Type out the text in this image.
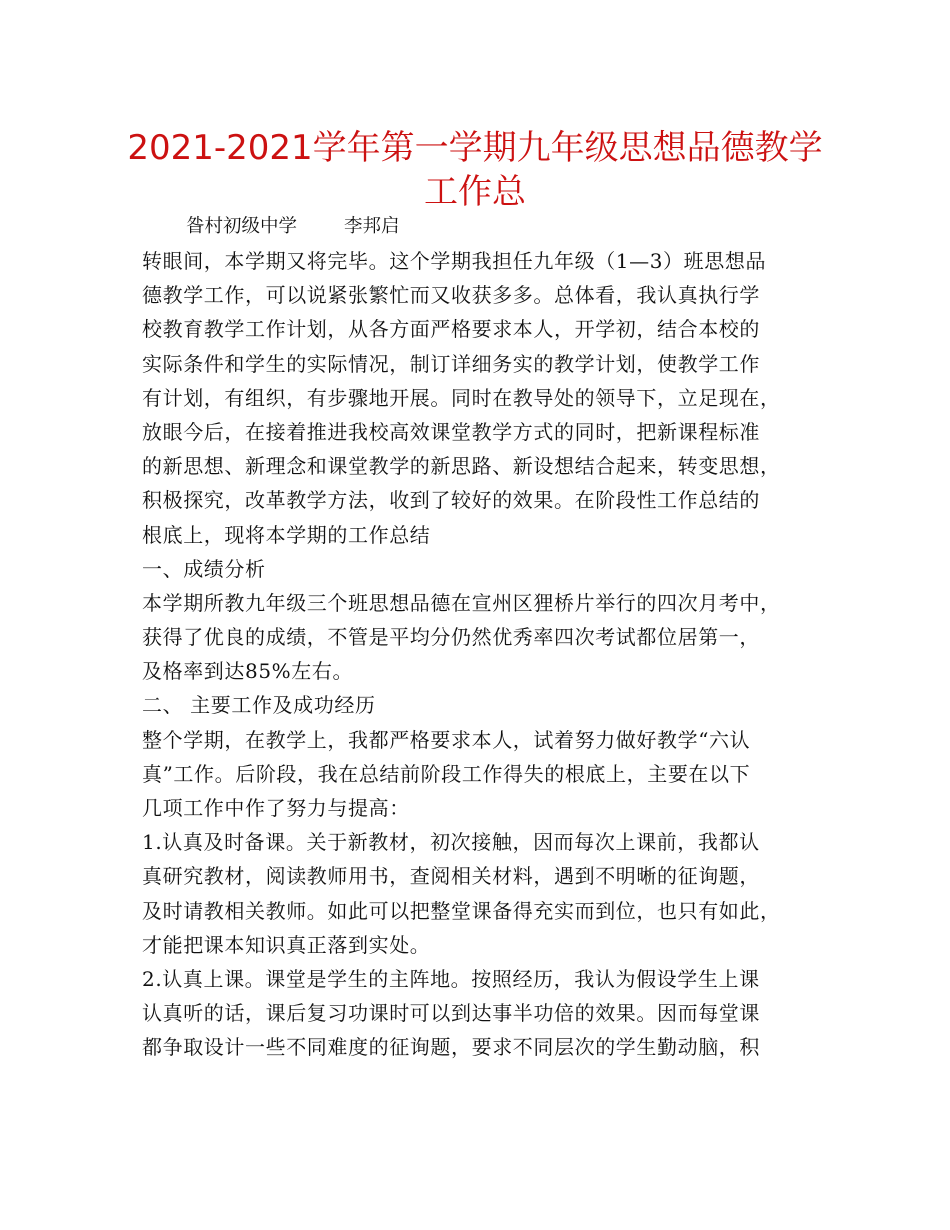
2021-2021学年第一学期九年级思想品德教学
工作总
昝村初级中学        李邦启
转眼间，本学期又将完毕。这个学期我担任九年级（1—3）班思想品
德教学工作，可以说紧张繁忙而又收获多多。总体看，我认真执行学
校教育教学工作计划，从各方面严格要求本人，开学初，结合本校的
实际条件和学生的实际情况，制订详细务实的教学计划，使教学工作
有计划，有组织，有步骤地开展。同时在教导处的领导下，立足现在，
放眼今后，在接着推进我校高效课堂教学方式的同时，把新课程标准
的新思想、新理念和课堂教学的新思路、新设想结合起来，转变思想，
积极探究，改革教学方法，收到了较好的效果。在阶段性工作总结的
根底上，现将本学期的工作总结
一、成绩分析
本学期所教九年级三个班思想品德在宣州区狸桥片举行的四次月考中，
获得了优良的成绩，不管是平均分仍然优秀率四次考试都位居第一，
及格率到达85%左右。
二、 主要工作及成功经历
整个学期，在教学上，我都严格要求本人，试着努力做好教学“六认
真”工作。后阶段，我在总结前阶段工作得失的根底上，主要在以下
几项工作中作了努力与提高：
1.认真及时备课。关于新教材，初次接触，因而每次上课前，我都认
真研究教材，阅读教师用书，查阅相关材料，遇到不明晰的征询题，
及时请教相关教师。如此可以把整堂课备得充实而到位，也只有如此，
才能把课本知识真正落到实处。
2.认真上课。课堂是学生的主阵地。按照经历，我认为假设学生上课
认真听的话，课后复习功课时可以到达事半功倍的效果。因而每堂课
都争取设计一些不同难度的征询题，要求不同层次的学生勤动脑，积
